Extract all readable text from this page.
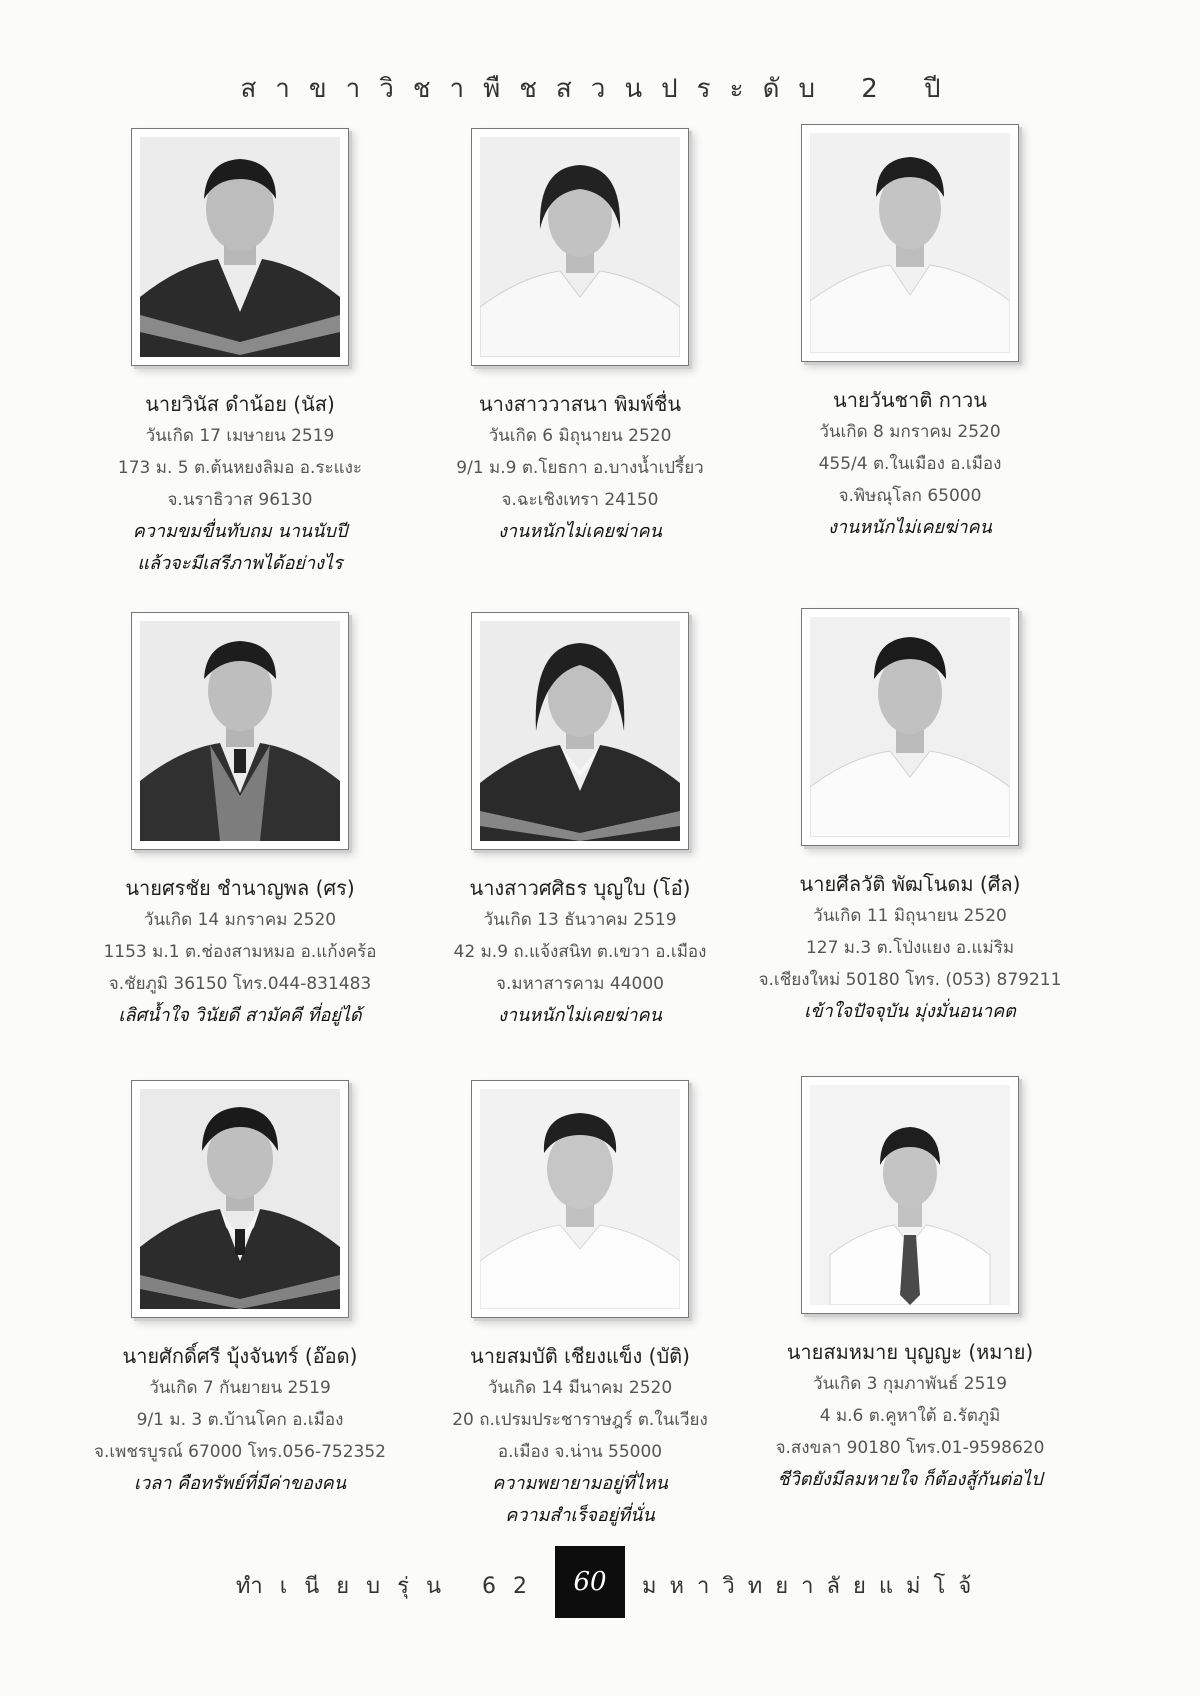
สาขาวิชาพืชสวนประดับ 2 ปี
นายวินัส ดำน้อย (นัส)
วันเกิด 17 เมษายน 2519
173 ม. 5 ต.ต้นหยงลิมอ อ.ระแงะ
จ.นราธิวาส 96130
ความขมขื่นทับถม นานนับปี
แล้วจะมีเสรีภาพได้อย่างไร
นางสาววาสนา พิมพ์ชื่น
วันเกิด 6 มิถุนายน 2520
9/1 ม.9 ต.โยธกา อ.บางน้ำเปรี้ยว
จ.ฉะเชิงเทรา 24150
งานหนักไม่เคยฆ่าคน
นายวันชาติ กาวน
วันเกิด 8 มกราคม 2520
455/4 ต.ในเมือง อ.เมือง
จ.พิษณุโลก 65000
งานหนักไม่เคยฆ่าคน
นายศรชัย ชำนาญพล (ศร)
วันเกิด 14 มกราคม 2520
1153 ม.1 ต.ช่องสามหมอ อ.แก้งคร้อ
จ.ชัยภูมิ 36150 โทร.044-831483
เลิศน้ำใจ วินัยดี สามัคคี ที่อยู่ได้
นางสาวศศิธร บุญใบ (โอ๋)
วันเกิด 13 ธันวาคม 2519
42 ม.9 ถ.แจ้งสนิท ต.เขวา อ.เมือง
จ.มหาสารคาม 44000
งานหนักไม่เคยฆ่าคน
นายศีลวัติ พัฒโนดม (ศีล)
วันเกิด 11 มิถุนายน 2520
127 ม.3 ต.โป่งแยง อ.แม่ริม
จ.เชียงใหม่ 50180 โทร. (053) 879211
เข้าใจปัจจุบัน มุ่งมั่นอนาคต
นายศักดิ์ศรี บุ้งจันทร์ (อ๊อด)
วันเกิด 7 กันยายน 2519
9/1 ม. 3 ต.บ้านโคก อ.เมือง
จ.เพชรบูรณ์ 67000 โทร.056-752352
เวลา คือทรัพย์ที่มีค่าของคน
นายสมบัติ เชียงแข็ง (บัติ)
วันเกิด 14 มีนาคม 2520
20 ถ.เปรมประชาราษฎร์ ต.ในเวียง
อ.เมือง จ.น่าน 55000
ความพยายามอยู่ที่ไหน
ความสำเร็จอยู่ที่นั่น
นายสมหมาย บุญญะ (หมาย)
วันเกิด 3 กุมภาพันธ์ 2519
4 ม.6 ต.คูหาใต้ อ.รัตภูมิ
จ.สงขลา 90180 โทร.01-9598620
ชีวิตยังมีลมหายใจ ก็ต้องสู้กันต่อไป
ทำเนียบรุ่น 62	60	มหาวิทยาลัยแม่โจ้
